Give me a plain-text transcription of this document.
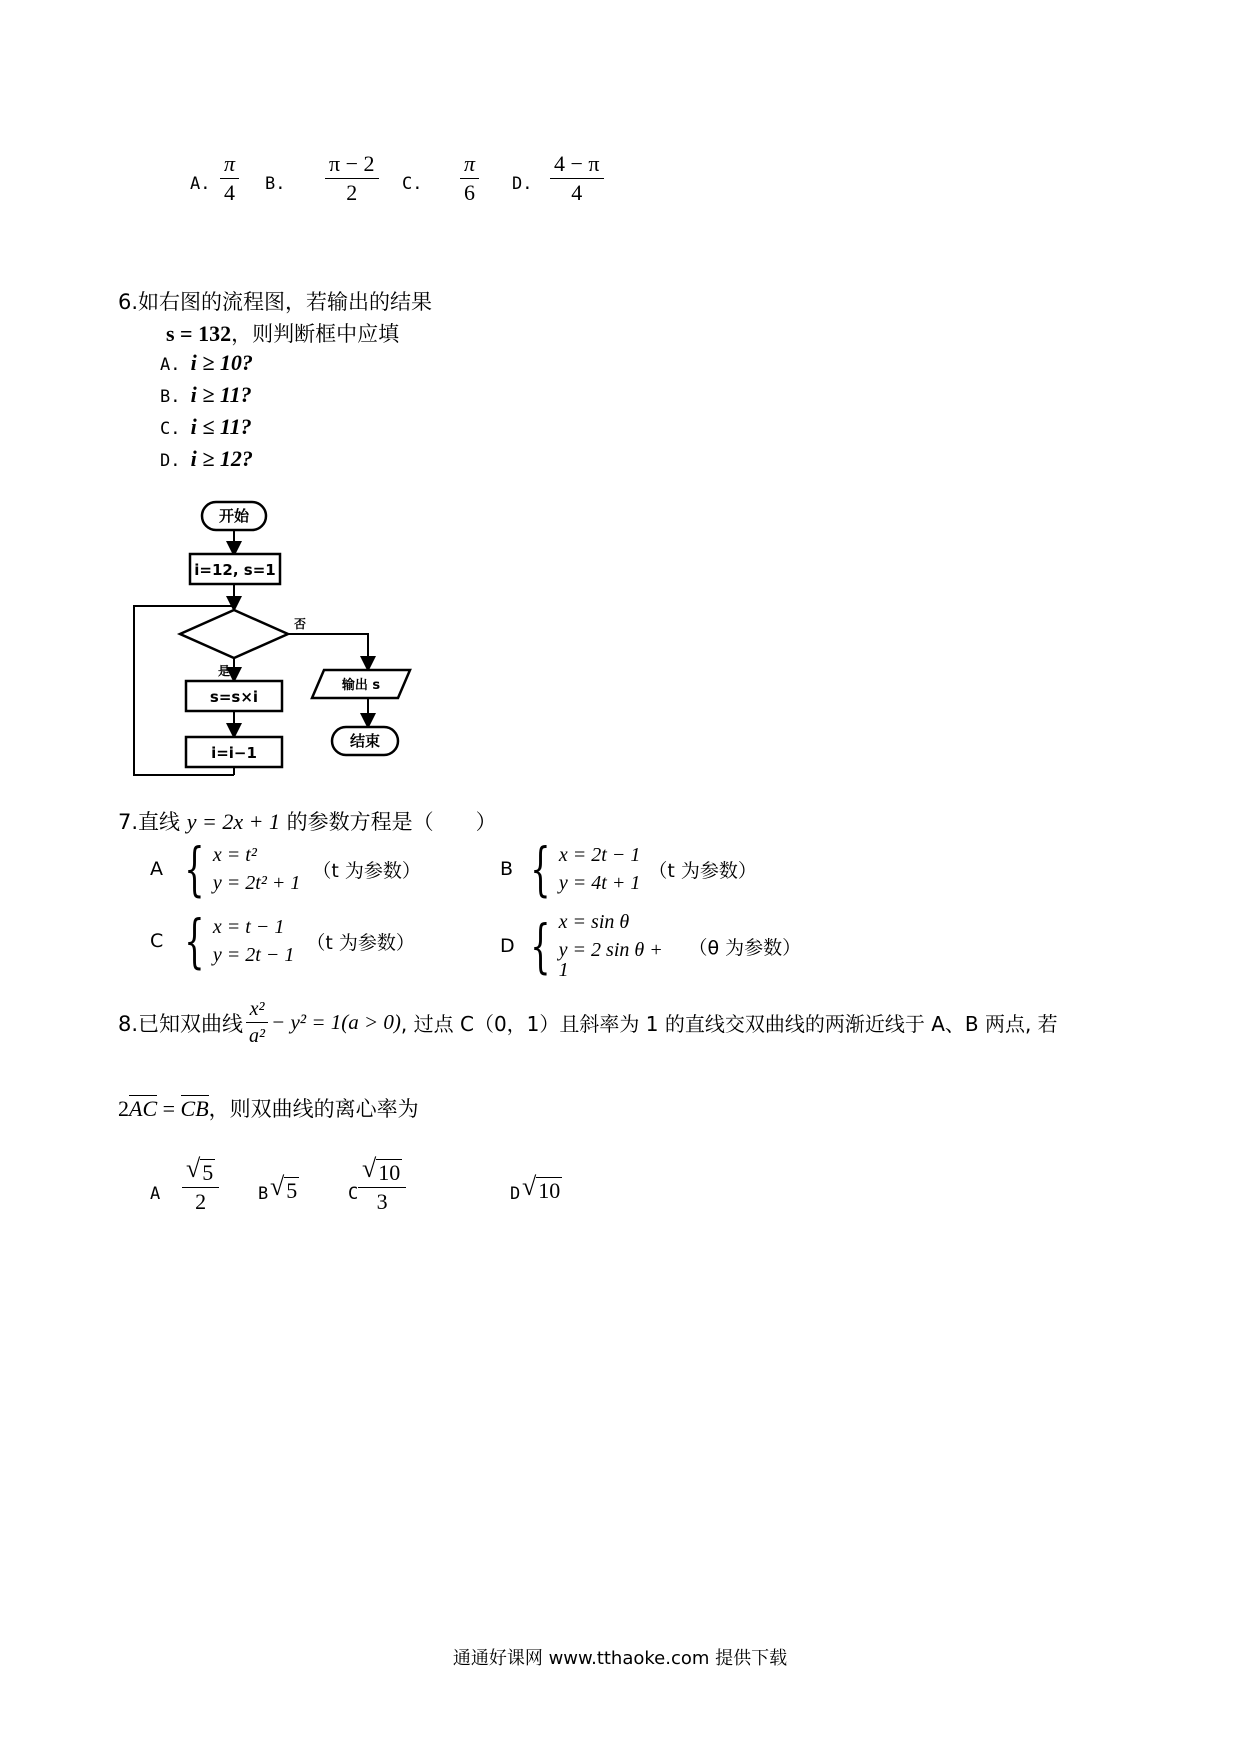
A. $\frac{\pi}{4} B$. $\frac{\pi - 2}{2} C$. $\frac{\pi}{6} D$. $\frac{4 - \pi}{4}$
6.如右图的流程图，若输出的结果
s = 132，则判断框中应填
A. i ≥ 10?
B. i ≥ 11?
C. i ≤ 11?
D. i ≥ 12?
开始
i=12, s=1
否
是
s=s×i
i=i−1
输出 s
结束
7.直线 y = 2x + 1 的参数方程是（　　）
A { x = t²
y = 2t² + 1
（t 为参数）	B { x = 2t − 1
y = 4t + 1
（t 为参数）
C { x = t − 1
y = 2t − 1
（t 为参数）	D { x = sin θ
y = 2 sin θ + 1
（θ 为参数）
8.已知双曲线 $\frac{\text{x²}}{\text{a²}} - y^2 = 1(a > 0)$ , 过点 C（0，1）且斜率为 1 的直线交双曲线的两渐近线于 A、B 两点, 若
2AC = CB，则双曲线的离心率为
A $\frac{√ 5}{2}$ B √ 5	C $\frac{√ 10}{3}$	D √ 10
通通好课网 www.tthaoke.com 提供下载
